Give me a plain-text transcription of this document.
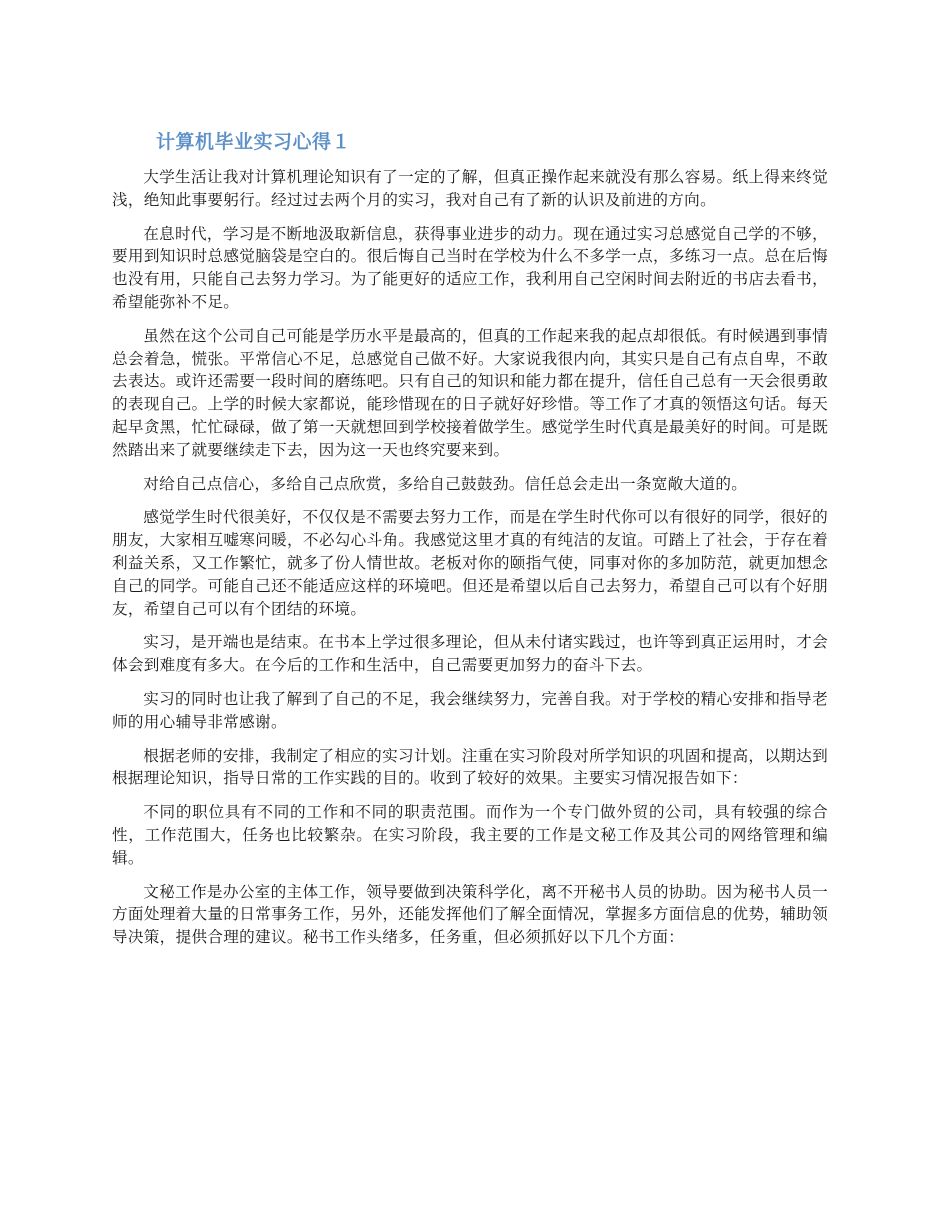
计算机毕业实习心得１

大学生活让我对计算机理论知识有了一定的了解，但真正操作起来就没有那么容易。纸上得来终觉浅，绝知此事要躬行。经过过去两个月的实习，我对自己有了新的认识及前进的方向。

在息时代，学习是不断地汲取新信息，获得事业进步的动力。现在通过实习总感觉自己学的不够，要用到知识时总感觉脑袋是空白的。很后悔自己当时在学校为什么不多学一点，多练习一点。总在后悔也没有用，只能自己去努力学习。为了能更好的适应工作，我利用自己空闲时间去附近的书店去看书，希望能弥补不足。

虽然在这个公司自己可能是学历水平是最高的，但真的工作起来我的起点却很低。有时候遇到事情总会着急，慌张。平常信心不足，总感觉自己做不好。大家说我很内向，其实只是自己有点自卑，不敢去表达。或许还需要一段时间的磨练吧。只有自己的知识和能力都在提升，信任自己总有一天会很勇敢的表现自己。上学的时候大家都说，能珍惜现在的日子就好好珍惜。等工作了才真的领悟这句话。每天起早贪黑，忙忙碌碌，做了第一天就想回到学校接着做学生。感觉学生时代真是最美好的时间。可是既然踏出来了就要继续走下去，因为这一天也终究要来到。

对给自己点信心，多给自己点欣赏，多给自己鼓鼓劲。信任总会走出一条宽敞大道的。

感觉学生时代很美好，不仅仅是不需要去努力工作，而是在学生时代你可以有很好的同学，很好的朋友，大家相互嘘寒问暖，不必勾心斗角。我感觉这里才真的有纯洁的友谊。可踏上了社会，于存在着利益关系，又工作繁忙，就多了份人情世故。老板对你的颐指气使，同事对你的多加防范，就更加想念自己的同学。可能自己还不能适应这样的环境吧。但还是希望以后自己去努力，希望自己可以有个好朋友，希望自己可以有个团结的环境。

实习，是开端也是结束。在书本上学过很多理论，但从未付诸实践过，也许等到真正运用时，才会体会到难度有多大。在今后的工作和生活中，自己需要更加努力的奋斗下去。

实习的同时也让我了解到了自己的不足，我会继续努力，完善自我。对于学校的精心安排和指导老师的用心辅导非常感谢。

根据老师的安排，我制定了相应的实习计划。注重在实习阶段对所学知识的巩固和提高，以期达到根据理论知识，指导日常的工作实践的目的。收到了较好的效果。主要实习情况报告如下：

不同的职位具有不同的工作和不同的职责范围。而作为一个专门做外贸的公司，具有较强的综合性，工作范围大，任务也比较繁杂。在实习阶段，我主要的工作是文秘工作及其公司的网络管理和编辑。

文秘工作是办公室的主体工作，领导要做到决策科学化，离不开秘书人员的协助。因为秘书人员一方面处理着大量的日常事务工作，另外，还能发挥他们了解全面情况，掌握多方面信息的优势，辅助领导决策，提供合理的建议。秘书工作头绪多，任务重，但必须抓好以下几个方面：
